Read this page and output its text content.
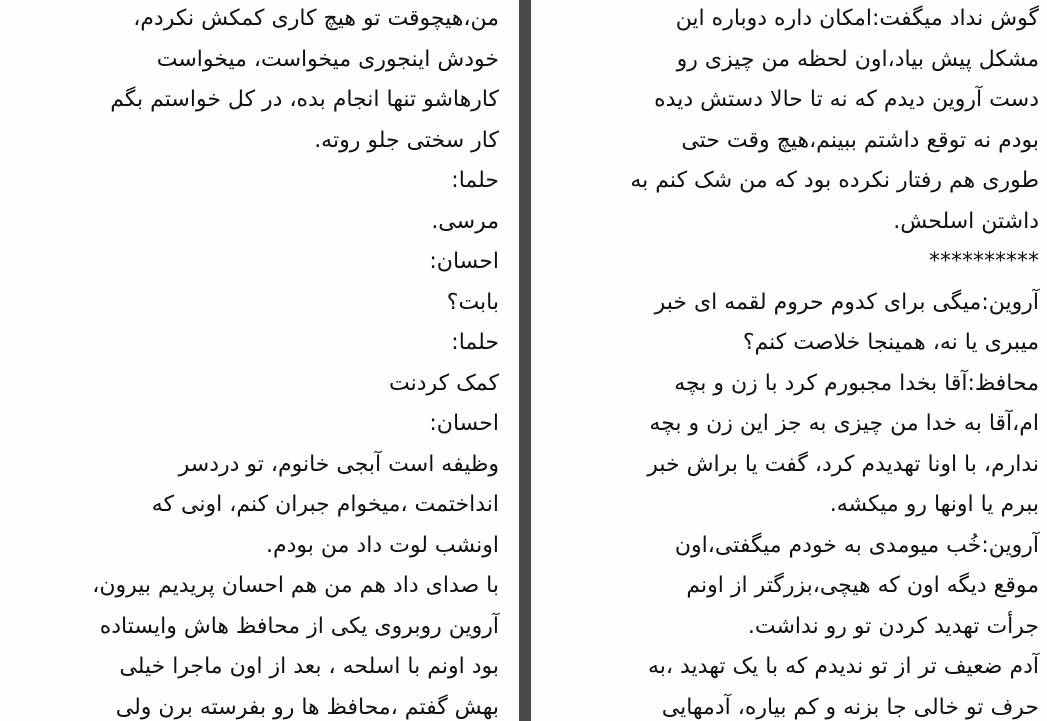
من،هیچوقت تو هیچ کاری کمکش نکردم،
خودش اینجوری میخواست، میخواست
کارهاشو تنها انجام بده، در کل خواستم بگم
کار سختی جلو روته.
حلما:
مرسی.
احسان:
بابت؟
حلما:
کمک کردنت
احسان:
وظیفه است آبجی خانوم، تو دردسر
انداختمت ،میخوام جبران کنم، اونی که
اونشب لوت داد من بودم.
با صدای داد هم من هم احسان پریدیم بیرون،
آروین روبروی یکی از محافظ هاش وایستاده
بود اونم با اسلحه ، بعد از اون ماجرا خیلی
بهش گفتم ،محافظ ها رو بفرسته برن ولی
گوش نداد میگفت:امکان داره دوباره این
مشکل پیش بیاد،اون لحظه من چیزی رو
دست آروین دیدم که نه تا حالا دستش دیده
بودم نه توقع داشتم ببینم،هیچ وقت حتی
طوری هم رفتار نکرده بود که من شک کنم به
داشتن اسلحش.
**********
آروین:میگی برای کدوم حروم لقمه ای خبر
میبری یا نه، همینجا خلاصت کنم؟
محافظ:آقا بخدا مجبورم کرد با زن و بچه
ام،آقا به خدا من چیزی به جز این زن و بچه
ندارم، با اونا تهدیدم کرد، گفت یا براش خبر
ببرم یا اونها رو میکشه.
آروین:خُب میومدی به خودم میگفتی،اون
موقع دیگه اون که هیچی،بزرگتر از اونم
جرأت تهدید کردن تو رو نداشت.
آدم ضعیف تر از تو ندیدم که با یک تهدید ،به
حرف تو خالی جا بزنه و کم بیاره، آدمهایی
